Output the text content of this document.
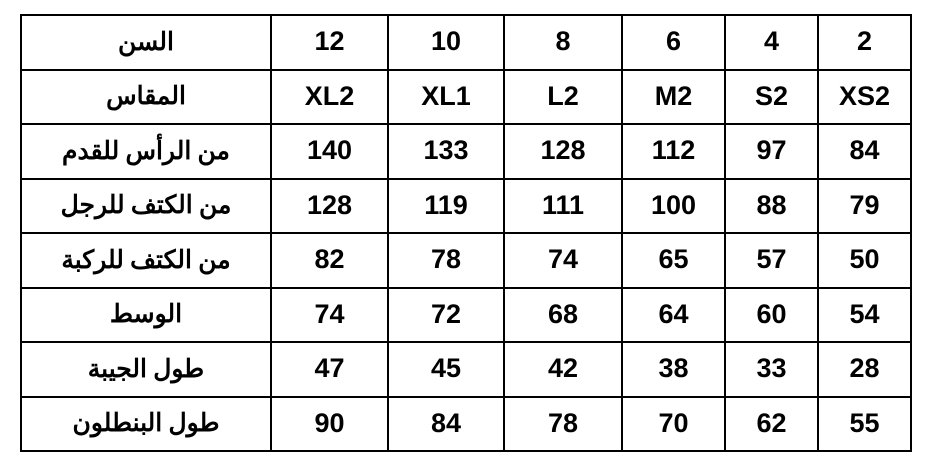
2	4	6	8	10	12	السن
XS2	S2	M2	L2	XL1	XL2	المقاس
84	97	112	128	133	140	من الرأس للقدم
79	88	100	111	119	128	من الكتف للرجل
50	57	65	74	78	82	من الكتف للركبة
54	60	64	68	72	74	الوسط
28	33	38	42	45	47	طول الجيبة
55	62	70	78	84	90	طول البنطلون
